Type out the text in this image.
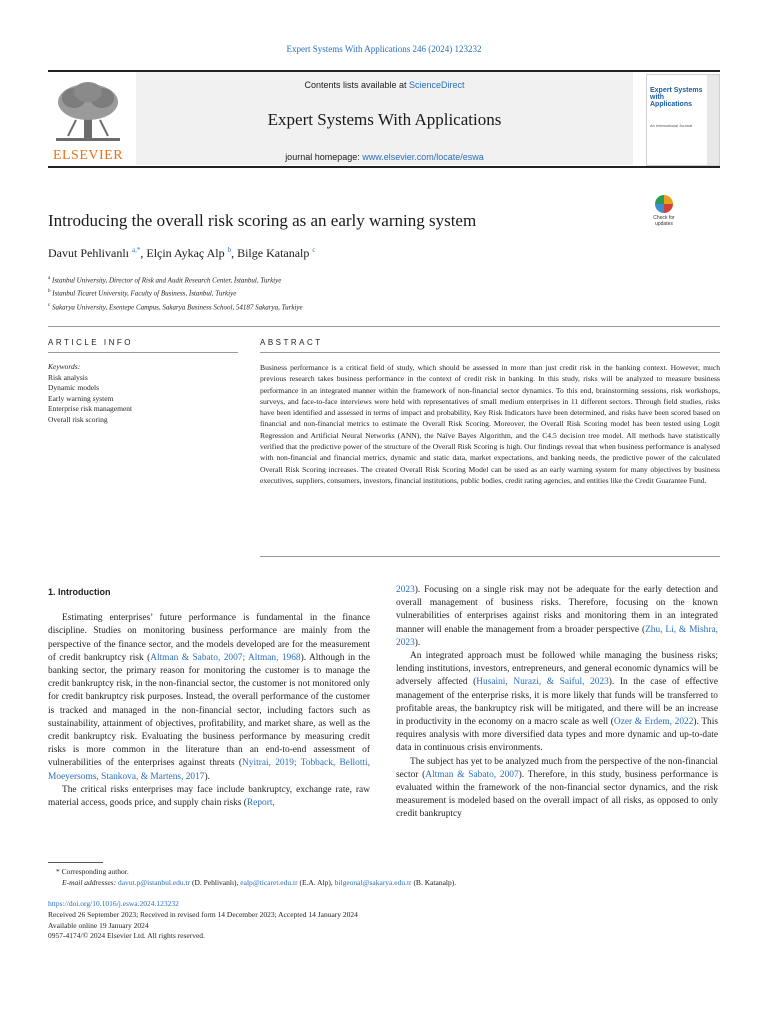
Expert Systems With Applications 246 (2024) 123232
ELSEVIER
Contents lists available at ScienceDirect
Expert Systems With Applications
journal homepage: www.elsevier.com/locate/eswa
Expert Systems with Applications
An International Journal
Introducing the overall risk scoring as an early warning system	Check for updates
Davut Pehlivanlı $^{a,*}$, Elçin Aykaç Alp $^b$, Bilge Katanalp $^c$
$^a$ Istanbul University, Director of Risk and Audit Research Center, İstanbul, Turkiye
$^b$ Istanbul Ticaret University, Faculty of Business, İstanbul, Turkiye
$^c$ Sakarya University, Esentepe Campus, Sakarya Business School, 54187 Sakarya, Turkiye
ARTICLE INFO	ABSTRACT
Keywords:
Risk analysis
Dynamic models
Early warning system
Enterprise risk management
Overall risk scoring
Business performance is a critical field of study, which should be assessed in more than just credit risk in the banking context. However, much previous research takes business performance in the context of credit risk in banking. In this study, risks will be analyzed to measure business performance in an integrated manner within the framework of non-financial sector dynamics. To this end, brainstorming sessions, risk workshops, surveys, and face-to-face interviews were held with representatives of small medium enterprises in 11 different sectors. Through field studies, risks have been identified and assessed in terms of impact and probability, Key Risk Indicators have been determined, and risks have been scored based on financial and non-financial metrics to estimate the Overall Risk Scoring. Moreover, the Overall Risk Scoring model has been tested using Logit Regression and Artificial Neural Networks (ANN), the Naïve Bayes Algorithm, and the C4.5 decision tree model. All methods have statistically verified that the predictive power of the structure of the Overall Risk Scoring is high. Our findings reveal that when business performance is analysed with non-financial and financial metrics, dynamic and static data, market expectations, and banking needs, the predictive power of the calculated Overall Risk Scoring increases. The created Overall Risk Scoring Model can be used as an early warning system for many objectives by business executives, suppliers, consumers, investors, financial institutions, public bodies, credit rating agencies, and entities like the Credit Guarantee Fund.
1. Introduction

Estimating enterprises’ future performance is fundamental in the finance discipline. Studies on monitoring business performance are mainly from the perspective of the finance sector, and the models developed are for the measurement of credit bankruptcy risk (Altman & Sabato, 2007; Altman, 1968). Although in the banking sector, the primary reason for monitoring the customer is to manage the credit bankruptcy risk, in the non-financial sector, the customer is not monitored only for credit bankruptcy risk purposes. Instead, the overall performance of the customer is tracked and managed in the non-financial sector, including factors such as sustainability, attainment of objectives, profitability, and market share, as well as the credit bankruptcy risk. Evaluating the business performance by measuring credit risks is more common in the literature than an end-to-end assessment of vulnerabilities of the enterprises against threats (Nyitrai, 2019; Tobback, Bellotti, Moeyersoms, Stankova, & Martens, 2017).

The critical risks enterprises may face include bankruptcy, exchange rate, raw material access, goods price, and supply chain risks (Report,

2023). Focusing on a single risk may not be adequate for the early detection and overall management of business risks. Therefore, focusing on the known vulnerabilities of enterprises against risks and monitoring them in an integrated manner will enable the management from a broader perspective (Zhu, Li, & Mishra, 2023).

An integrated approach must be followed while managing the business risks; lending institutions, investors, entrepreneurs, and general economic dynamics will be adversely affected (Husaini, Nurazi, & Saiful, 2023). In the case of effective management of the enterprise risks, it is more likely that funds will be transferred to profitable areas, the bankruptcy risk will be mitigated, and there will be an increase in productivity in the economy on a macro scale as well (Ozer & Erdem, 2022). This requires analysis with more diversified data types and more dynamic and up-to-date data in continuous crisis environments.

The subject has yet to be analyzed much from the perspective of the non-financial sector (Altman & Sabato, 2007). Therefore, in this study, business performance is evaluated within the framework of the non-financial sector dynamics, and the risk measurement is modeled based on the overall impact of all risks, as opposed to only credit bankruptcy

* Corresponding author.
E-mail addresses: davut.p@istanbul.edu.tr (D. Pehlivanlı), ealp@ticaret.edu.tr (E.A. Alp), bilgeonal@sakarya.edu.tr (B. Katanalp).
https://doi.org/10.1016/j.eswa.2024.123232
Received 26 September 2023; Received in revised form 14 December 2023; Accepted 14 January 2024
Available online 19 January 2024
0957-4174/© 2024 Elsevier Ltd. All rights reserved.
